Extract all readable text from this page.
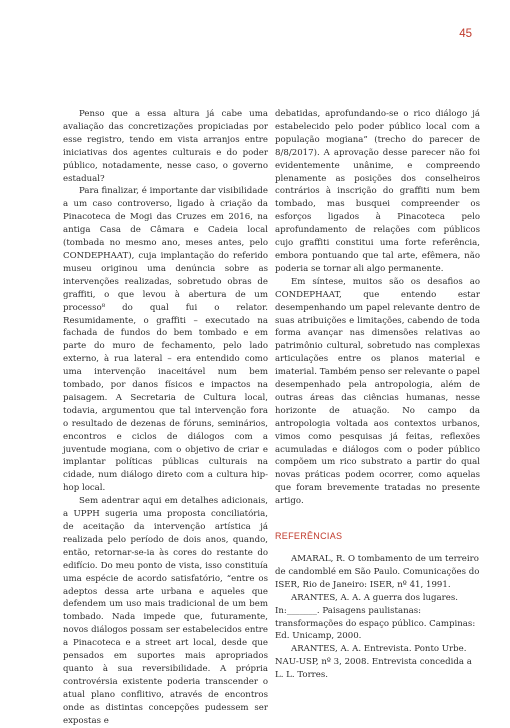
45

Penso que a essa altura já cabe uma avaliação das concretizações propiciadas por esse registro, tendo em vista arranjos entre iniciativas dos agentes culturais e do poder público, notadamente, nesse caso, o governo estadual?

Para finalizar, é importante dar visibilidade a um caso controverso, ligado à criação da Pinacoteca de Mogi das Cruzes em 2016, na antiga Casa de Câmara e Cadeia local (tombada no mesmo ano, meses antes, pelo CONDEPHAAT), cuja implantação do referido museu originou uma denúncia sobre as intervenções realizadas, sobretudo obras de graffiti, o que levou à abertura de um processo⁸ do qual fui o relator. Resumidamente, o graffiti – executado na fachada de fundos do bem tombado e em parte do muro de fechamento, pelo lado externo, à rua lateral – era entendido como uma intervenção inaceitável num bem tombado, por danos físicos e impactos na paisagem. A Secretaria de Cultura local, todavia, argumentou que tal intervenção fora o resultado de dezenas de fóruns, seminários, encontros e ciclos de diálogos com a juventude mogiana, com o objetivo de criar e implantar políticas públicas culturais na cidade, num diálogo direto com a cultura hip-hop local.

Sem adentrar aqui em detalhes adicionais, a UPPH sugeria uma proposta conciliatória, de aceitação da intervenção artística já realizada pelo período de dois anos, quando, então, retornar-se-ia às cores do restante do edifício. Do meu ponto de vista, isso constituía uma espécie de acordo satisfatório, “entre os adeptos dessa arte urbana e aqueles que defendem um uso mais tradicional de um bem tombado. Nada impede que, futuramente, novos diálogos possam ser estabelecidos entre a Pinacoteca e a street art local, desde que pensados em suportes mais apropriados quanto à sua reversibilidade. A própria controvérsia existente poderia transcender o atual plano conflitivo, através de encontros onde as distintas concepções pudessem ser expostas e

debatidas, aprofundando-se o rico diálogo já estabelecido pelo poder público local com a população mogiana” (trecho do parecer de 8/8/2017). A aprovação desse parecer não foi evidentemente unânime, e compreendo plenamente as posições dos conselheiros contrários à inscrição do graffiti num bem tombado, mas busquei compreender os esforços ligados à Pinacoteca pelo aprofundamento de relações com públicos cujo graffiti constitui uma forte referência, embora pontuando que tal arte, efêmera, não poderia se tornar ali algo permanente.

Em síntese, muitos são os desafios ao CONDEPHAAT, que entendo estar desempenhando um papel relevante dentro de suas atribuições e limitações, cabendo de toda forma avançar nas dimensões relativas ao patrimônio cultural, sobretudo nas complexas articulações entre os planos material e imaterial. Também penso ser relevante o papel desempenhado pela antropologia, além de outras áreas das ciências humanas, nesse horizonte de atuação. No campo da antropologia voltada aos contextos urbanos, vimos como pesquisas já feitas, reflexões acumuladas e diálogos com o poder público compõem um rico substrato a partir do qual novas práticas podem ocorrer, como aquelas que foram brevemente tratadas no presente artigo.

REFERÊNCIAS

AMARAL, R. O tombamento de um terreiro de candomblé em São Paulo. Comunicações do ISER, Rio de Janeiro: ISER, nº 41, 1991.

ARANTES, A. A. A guerra dos lugares. In:_______. Paisagens paulistanas: transformações do espaço público. Campinas: Ed. Unicamp, 2000.

ARANTES, A. A. Entrevista. Ponto Urbe. NAU-USP, nº 3, 2008. Entrevista concedida a L. L. Torres.
